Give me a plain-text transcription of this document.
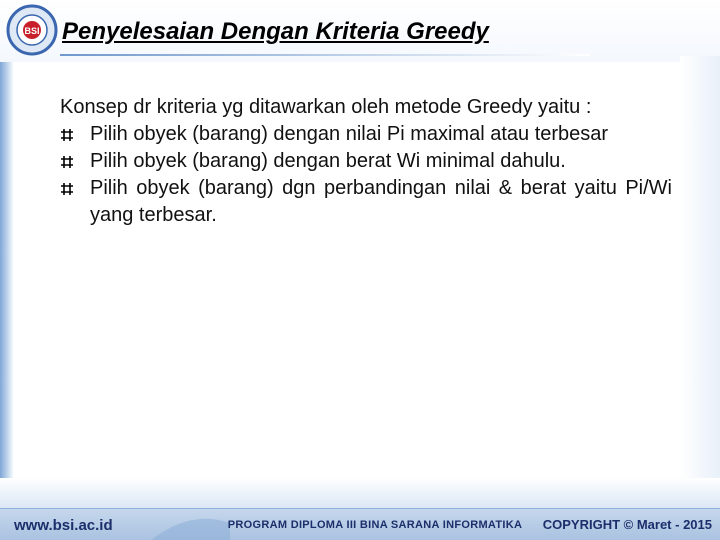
BSI Penyelesaian Dengan Kriteria Greedy

Konsep dr kriteria yg ditawarkan oleh metode Greedy yaitu :

Pilih obyek (barang) dengan nilai Pi maximal atau terbesar
Pilih obyek (barang) dengan berat Wi minimal dahulu.
Pilih obyek (barang) dgn perbandingan nilai & berat yaitu Pi/Wi yang terbesar.
www.bsi.ac.id	PROGRAM DIPLOMA III BINA SARANA INFORMATIKA	COPYRIGHT © Maret - 2015
